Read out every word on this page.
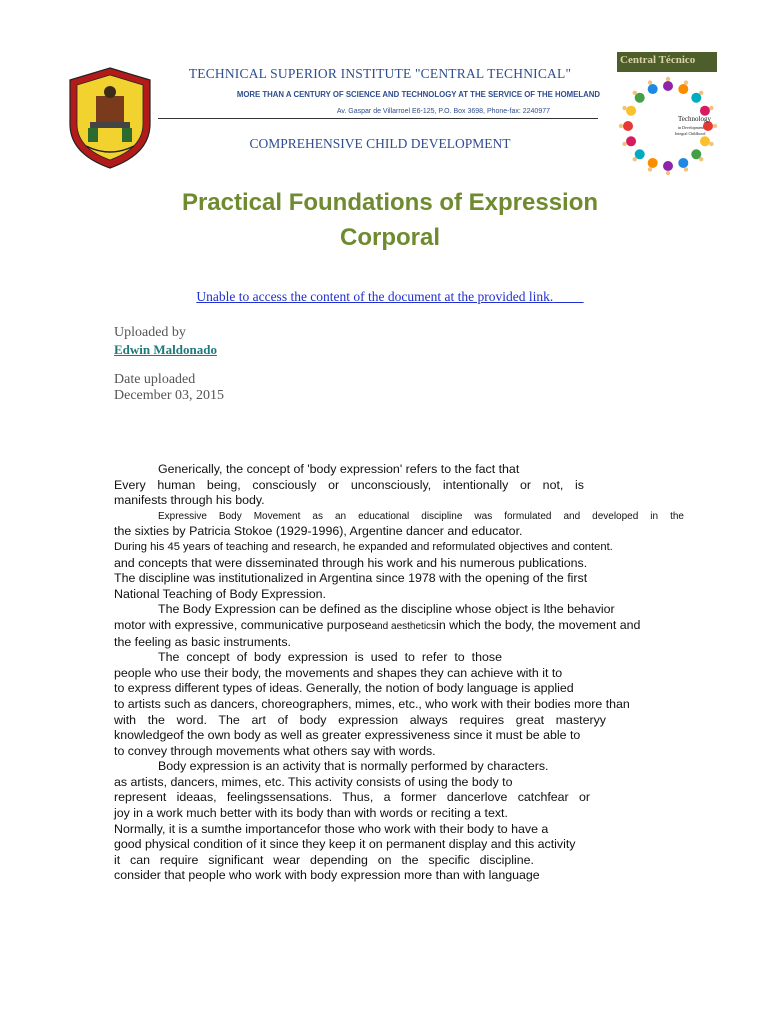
TECHNICAL SUPERIOR INSTITUTE "CENTRAL TECHNICAL"
MORE THAN A CENTURY OF SCIENCE AND TECHNOLOGY AT THE SERVICE OF THE HOMELAND
Av. Gaspar de Villarroel E6-125, P.O. Box 3698, Phone-fax: 2240977
COMPREHENSIVE CHILD DEVELOPMENT
Central Técnico
Technology
in Development
Integral Childhood
Practical Foundations of Expression
Corporal
Unable to access the content of the document at the provided link.
Uploaded by
Edwin Maldonado
Date uploaded
December 03, 2015

Generically, the concept of 'body expression' refers to the fact that

Every human being, consciously or unconsciously, intentionally or not, is

manifests through his body.

Expressive Body Movement as an educational discipline was formulated and developed in the

the sixties by Patricia Stokoe (1929-1996), Argentine dancer and educator.

During his 45 years of teaching and research, he expanded and reformulated objectives and content.

and concepts that were disseminated through his work and his numerous publications.

The discipline was institutionalized in Argentina since 1978 with the opening of the first

National Teaching of Body Expression.

The Body Expression can be defined as the discipline whose object is lthe behavior

motor with expressive, communicative purposeand aestheticsin which the body, the movement and

the feeling as basic instruments.

The concept of body expression is used to refer to those

people who use their body, the movements and shapes they can achieve with it to

to express different types of ideas. Generally, the notion of body language is applied

to artists such as dancers, choreographers, mimes, etc., who work with their bodies more than

with the word. The art of body expression always requires great masteryy

knowledgeof the own body as well as greater expressiveness since it must be able to

to convey through movements what others say with words.

Body expression is an activity that is normally performed by characters.

as artists, dancers, mimes, etc. This activity consists of using the body to

represent ideaas, feelingssensations. Thus, a former dancerlove catchfear or

joy in a work much better with its body than with words or reciting a text.

Normally, it is a sumthe importancefor those who work with their body to have a

good physical condition of it since they keep it on permanent display and this activity

it can require significant wear depending on the specific discipline.

consider that people who work with body expression more than with language
